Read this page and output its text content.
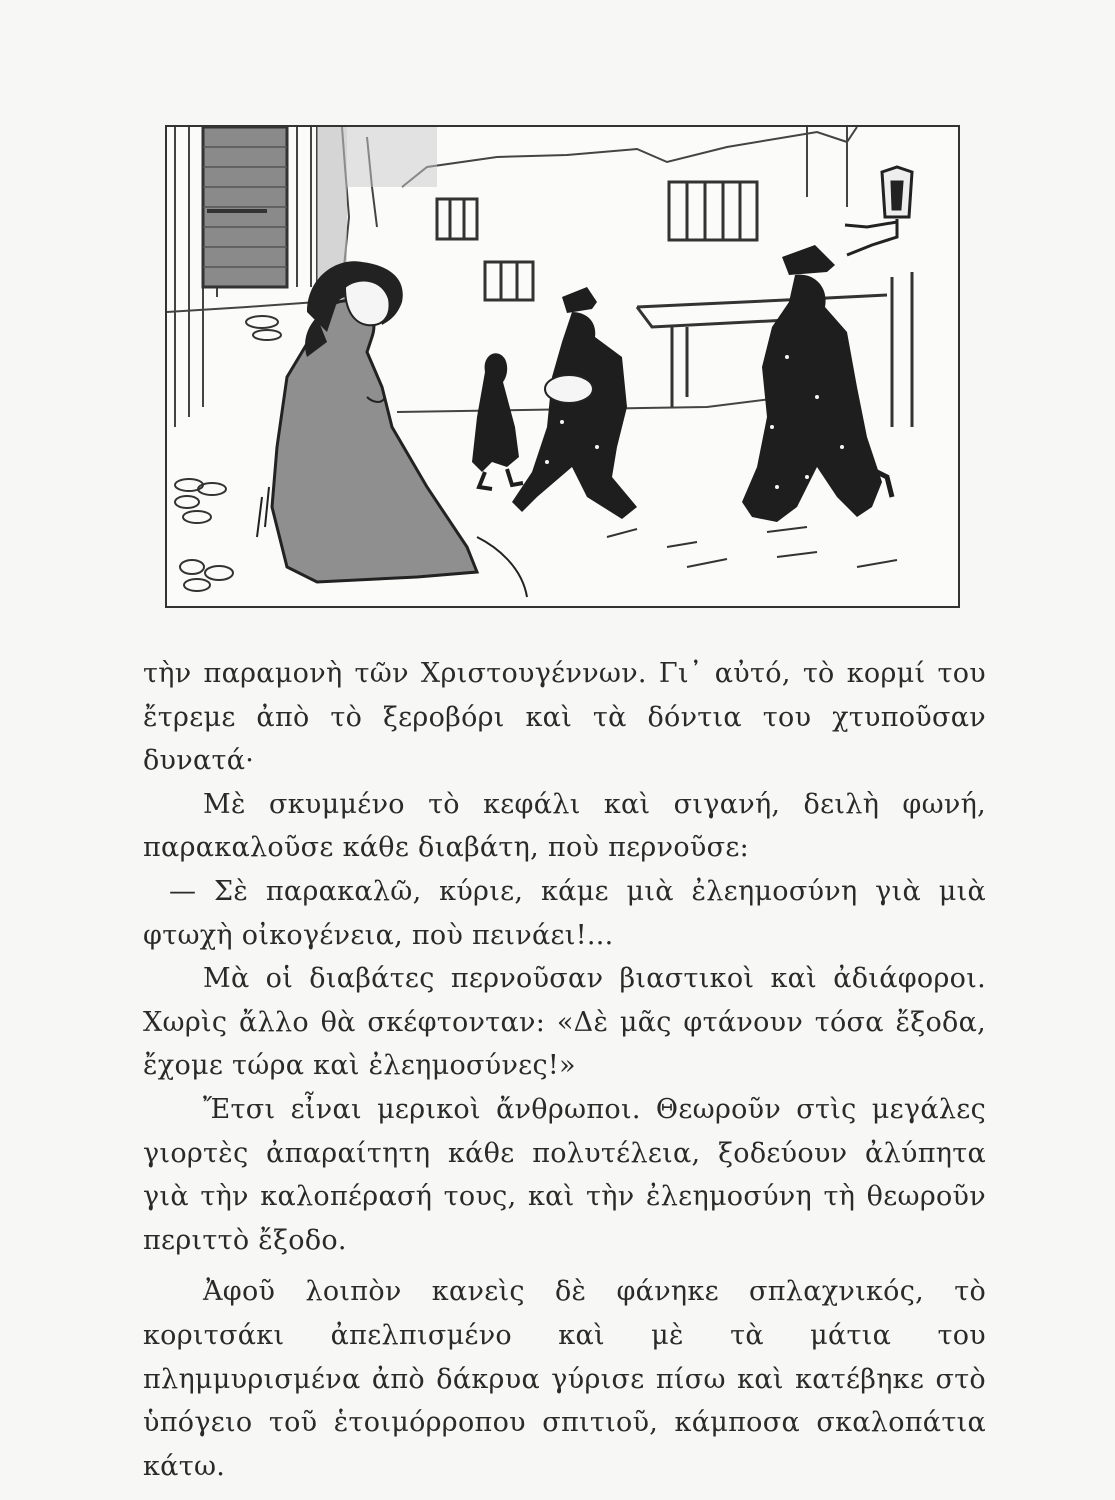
τὴν παραμονὴ τῶν Χριστουγέννων. Γι᾽ αὐτό, τὸ κορμί του ἔτρεμε ἀπὸ τὸ ξεροβόρι καὶ τὰ δόντια του χτυποῦσαν δυνατά·

Μὲ σκυμμένο τὸ κεφάλι καὶ σιγανή, δειλὴ φωνή, παρακαλοῦσε κάθε διαβάτη, ποὺ περνοῦσε:

— Σὲ παρακαλῶ, κύριε, κάμε μιὰ ἐλεημοσύνη γιὰ μιὰ φτωχὴ οἰκογένεια, ποὺ πεινάει!...

Μὰ οἱ διαβάτες περνοῦσαν βιαστικοὶ καὶ ἀδιάφοροι. Χωρὶς ἄλλο θὰ σκέφτονταν: «Δὲ μᾶς φτάνουν τόσα ἔξοδα, ἔχομε τώρα καὶ ἐλεημοσύνες!»

Ἔτσι εἶναι μερικοὶ ἄνθρωποι. Θεωροῦν στὶς μεγάλες γιορτὲς ἀπαραίτητη κάθε πολυτέλεια, ξοδεύουν ἀλύπητα γιὰ τὴν καλοπέρασή τους, καὶ τὴν ἐλεημοσύνη τὴ θεωροῦν περιττὸ ἔξοδο.

Ἀφοῦ λοιπὸν κανεὶς δὲ φάνηκε σπλαχνικός, τὸ κοριτσάκι ἀπελπισμένο καὶ μὲ τὰ μάτια του πλημμυρισμένα ἀπὸ δάκρυα γύρισε πίσω καὶ κατέβηκε στὸ ὑπόγειο τοῦ ἑτοιμόρροπου σπιτιοῦ, κάμποσα σκαλοπάτια κάτω.
